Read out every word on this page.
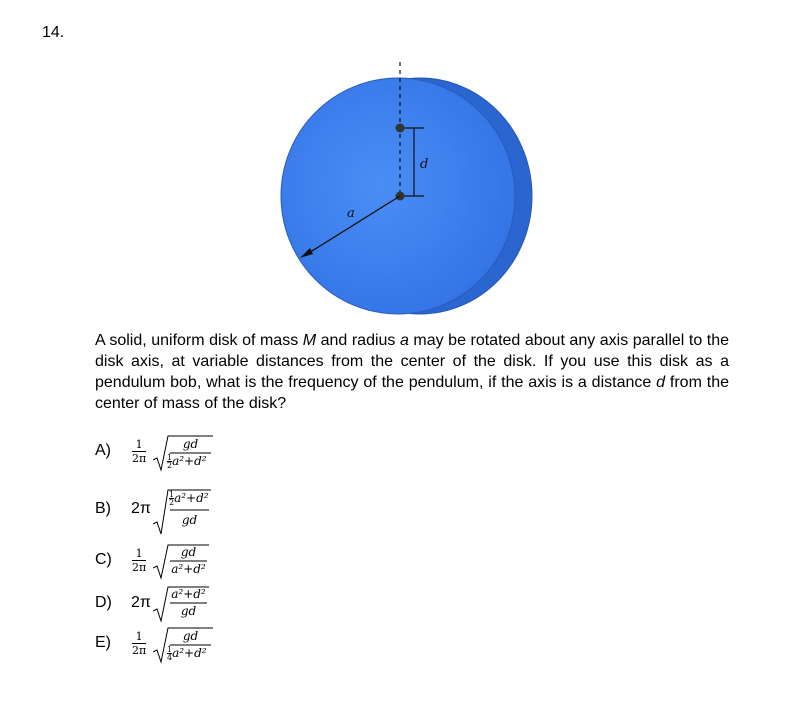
14.
d
a
A solid, uniform disk of mass M and radius a may be rotated about any axis parallel to the disk axis, at variable distances from the center of the disk. If you use this disk as a pendulum bob, what is the frequency of the pendulum, if the axis is a distance d from the center of mass of the disk?
A) 1
2π
gd
$\frac{1}{2} a^2+d^2$
B) 2π
$\frac{1}{2} a^2+d^2$
gd
C) 1
2π
gd
a²+d²
D) 2π a²+d²
gd
E) 1
2π
gd
$\frac{1}{4} a^2+d^2$
